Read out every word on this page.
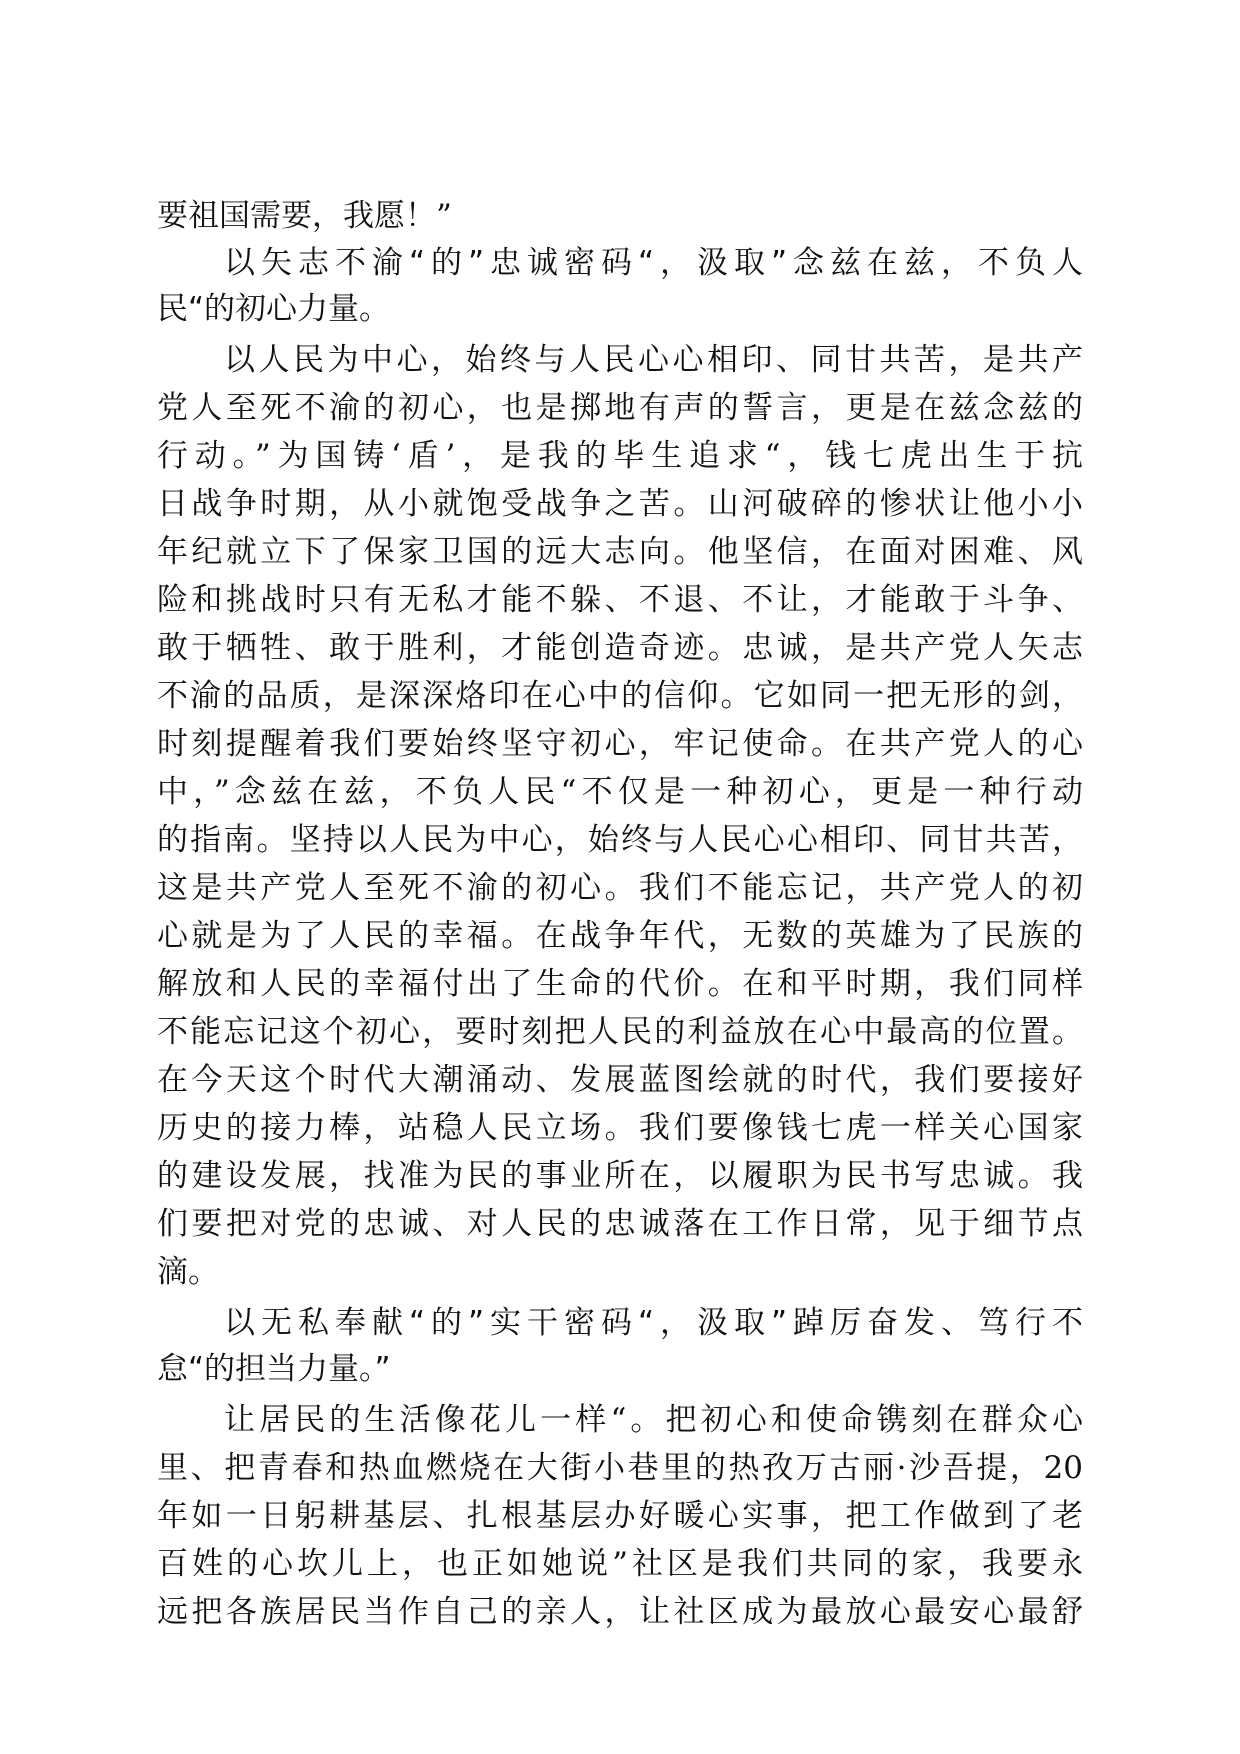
要祖国需要，我愿！”
以矢志不渝“的”忠诚密码“，汲取”念兹在兹，不负人
民“的初心力量。
以人民为中心，始终与人民心心相印、同甘共苦，是共产
党人至死不渝的初心，也是掷地有声的誓言，更是在兹念兹的
行动。”为国铸‘盾’，是我的毕生追求“，钱七虎出生于抗
日战争时期，从小就饱受战争之苦。山河破碎的惨状让他小小
年纪就立下了保家卫国的远大志向。他坚信，在面对困难、风
险和挑战时只有无私才能不躲、不退、不让，才能敢于斗争、
敢于牺牲、敢于胜利，才能创造奇迹。忠诚，是共产党人矢志
不渝的品质，是深深烙印在心中的信仰。它如同一把无形的剑，
时刻提醒着我们要始终坚守初心，牢记使命。在共产党人的心
中，”念兹在兹，不负人民“不仅是一种初心，更是一种行动
的指南。坚持以人民为中心，始终与人民心心相印、同甘共苦，
这是共产党人至死不渝的初心。我们不能忘记，共产党人的初
心就是为了人民的幸福。在战争年代，无数的英雄为了民族的
解放和人民的幸福付出了生命的代价。在和平时期，我们同样
不能忘记这个初心，要时刻把人民的利益放在心中最高的位置。
在今天这个时代大潮涌动、发展蓝图绘就的时代，我们要接好
历史的接力棒，站稳人民立场。我们要像钱七虎一样关心国家
的建设发展，找准为民的事业所在，以履职为民书写忠诚。我
们要把对党的忠诚、对人民的忠诚落在工作日常，见于细节点
滴。
以无私奉献“的”实干密码“，汲取”踔厉奋发、笃行不
怠“的担当力量。”
让居民的生活像花儿一样“。把初心和使命镌刻在群众心
里、把青春和热血燃烧在大街小巷里的热孜万古丽·沙吾提，20
年如一日躬耕基层、扎根基层办好暖心实事，把工作做到了老
百姓的心坎儿上，也正如她说”社区是我们共同的家，我要永
远把各族居民当作自己的亲人，让社区成为最放心最安心最舒
